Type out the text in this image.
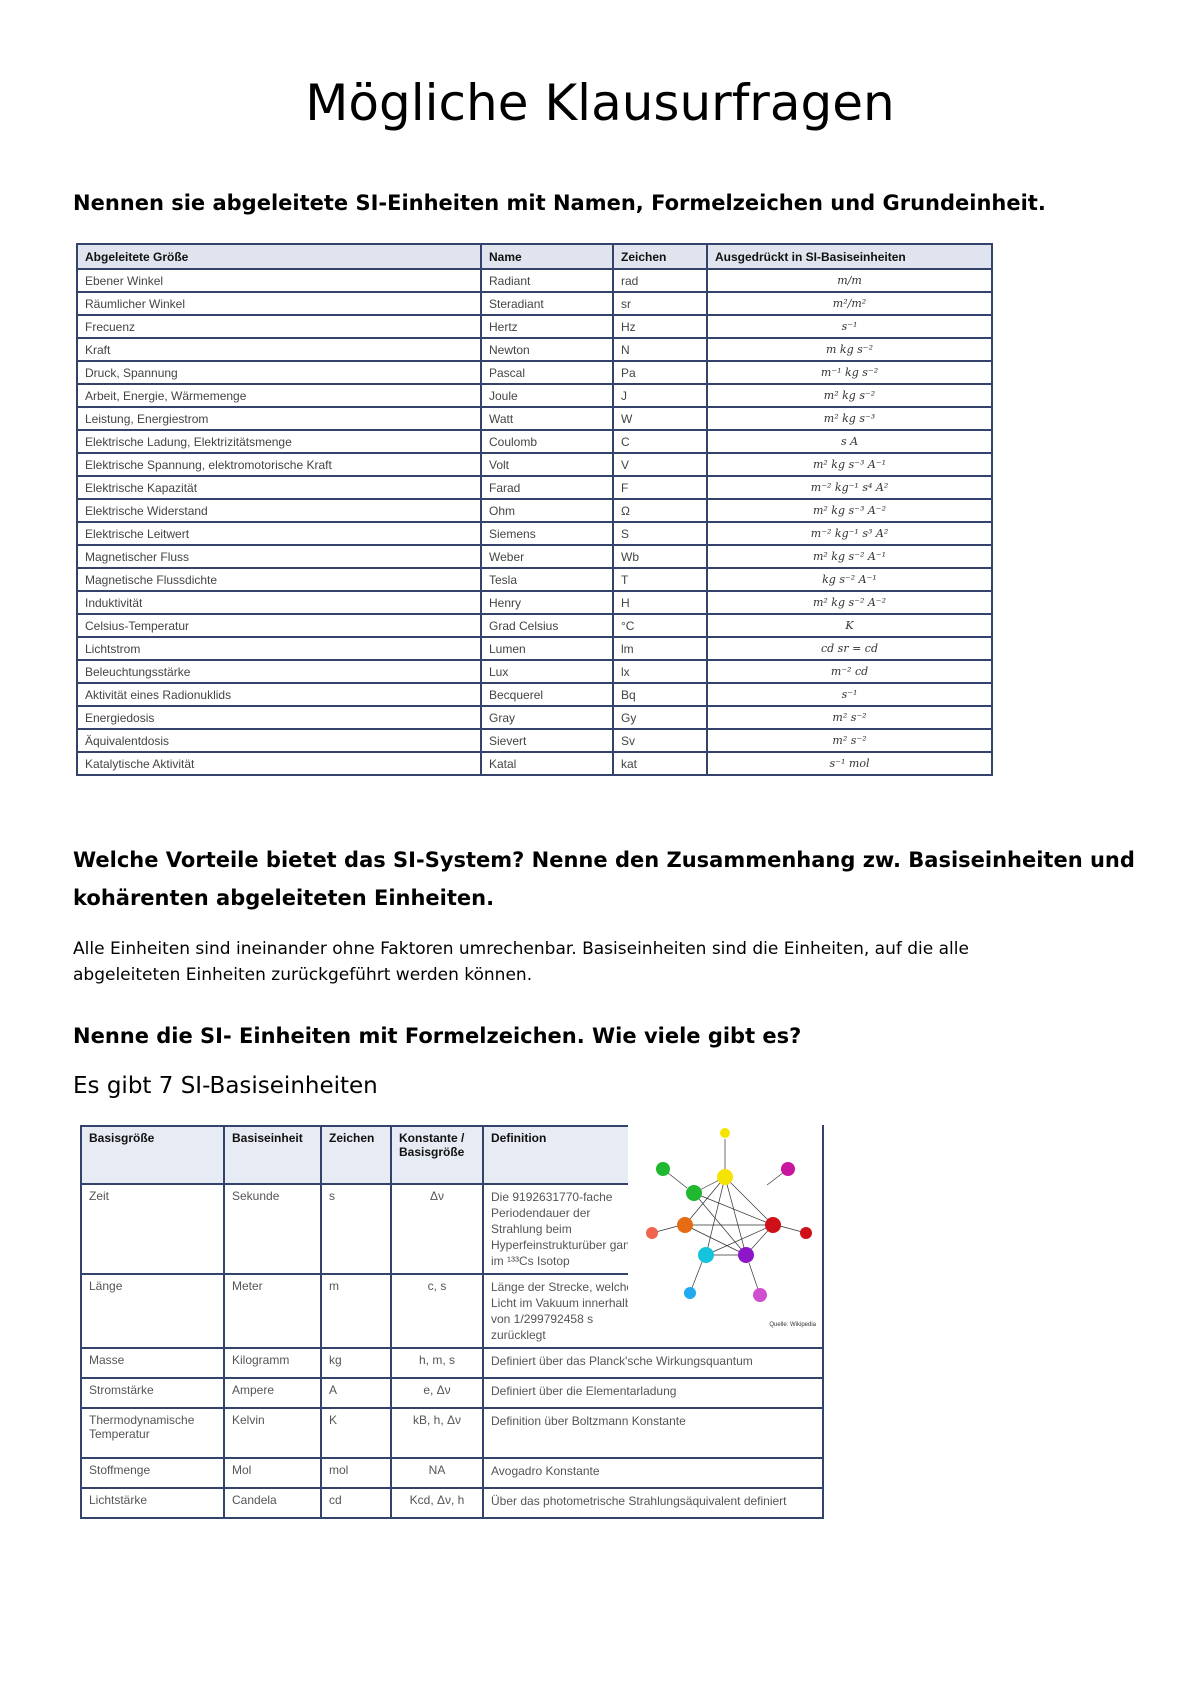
Mögliche Klausurfragen

Nennen sie abgeleitete SI-Einheiten mit Namen, Formelzeichen und Grundeinheit.

Abgeleitete Größe	Name	Zeichen	Ausgedrückt in SI-Basiseinheiten
Ebener Winkel	Radiant	rad	m/m
Räumlicher Winkel	Steradiant	sr	m²/m²
Frecuenz	Hertz	Hz	s⁻¹
Kraft	Newton	N	m kg s⁻²
Druck, Spannung	Pascal	Pa	m⁻¹ kg s⁻²
Arbeit, Energie, Wärmemenge	Joule	J	m² kg s⁻²
Leistung, Energiestrom	Watt	W	m² kg s⁻³
Elektrische Ladung, Elektrizitätsmenge	Coulomb	C	s A
Elektrische Spannung, elektromotorische Kraft	Volt	V	m² kg s⁻³ A⁻¹
Elektrische Kapazität	Farad	F	m⁻² kg⁻¹ s⁴ A²
Elektrische Widerstand	Ohm	Ω	m² kg s⁻³ A⁻²
Elektrische Leitwert	Siemens	S	m⁻² kg⁻¹ s³ A²
Magnetischer Fluss	Weber	Wb	m² kg s⁻² A⁻¹
Magnetische Flussdichte	Tesla	T	kg s⁻² A⁻¹
Induktivität	Henry	H	m² kg s⁻² A⁻²
Celsius-Temperatur	Grad Celsius	°C	K
Lichtstrom	Lumen	lm	cd sr = cd
Beleuchtungsstärke	Lux	lx	m⁻² cd
Aktivität eines Radionuklids	Becquerel	Bq	s⁻¹
Energiedosis	Gray	Gy	m² s⁻²
Äquivalentdosis	Sievert	Sv	m² s⁻²
Katalytische Aktivität	Katal	kat	s⁻¹ mol

Welche Vorteile bietet das SI-System? Nenne den Zusammenhang zw. Basiseinheiten und kohärenten abgeleiteten Einheiten.

Alle Einheiten sind ineinander ohne Faktoren umrechenbar. Basiseinheiten sind die Einheiten, auf die alle

abgeleiteten Einheiten zurückgeführt werden können.

Nenne die SI- Einheiten mit Formelzeichen. Wie viele gibt es?

Es gibt 7 SI-Basiseinheiten

Basisgröße	Basiseinheit	Zeichen	Konstante / Basisgröße	Definition
Zeit	Sekunde	s	Δν	Die 9192631770-fache Periodendauer der Strahlung beim Hyperfeinstrukturüber gang im ¹³³Cs Isotop
Länge	Meter	m	c, s	Länge der Strecke, welche Licht im Vakuum innerhalb von 1/299792458 s zurücklegt
Masse	Kilogramm	kg	h, m, s	Definiert über das Planck'sche Wirkungsquantum
Stromstärke	Ampere	A	e, Δν	Definiert über die Elementarladung
Thermodynamische Temperatur	Kelvin	K	kB, h, Δν	Definition über Boltzmann Konstante
Stoffmenge	Mol	mol	NA	Avogadro Konstante
Lichtstärke	Candela	cd	Kcd, Δν, h	Über das photometrische Strahlungsäquivalent definiert
Quelle: Wikipedia
